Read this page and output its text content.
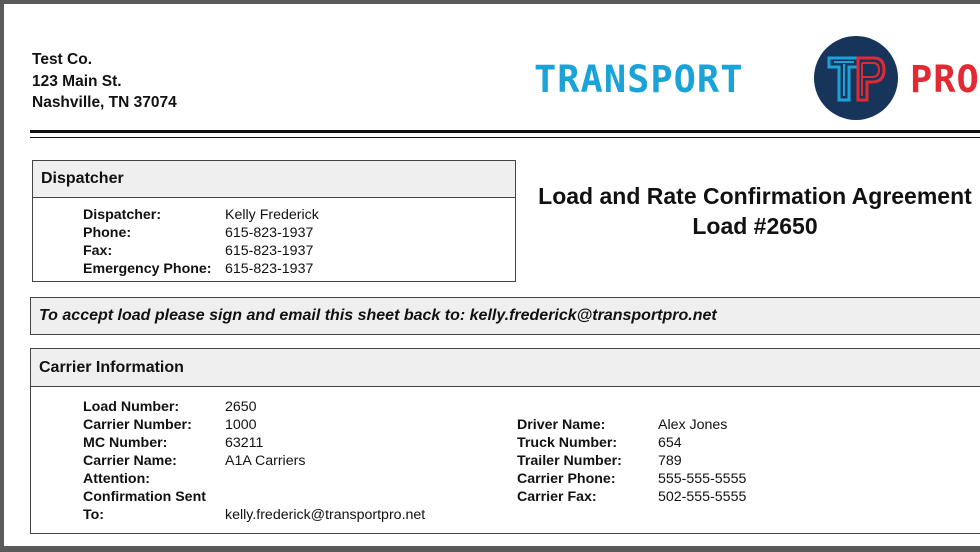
Test Co.
123 Main St.
Nashville, TN 37074
TRANSPORT	PRO
Dispatcher
Dispatcher:	Kelly Frederick
Phone:	615-823-1937
Fax:	615-823-1937
Emergency Phone: 615-823-1937
Load and Rate Confirmation Agreement
Load #2650
To accept load please sign and email this sheet back to: kelly.frederick@transportpro.net
Carrier Information
Load Number:	2650
Carrier Number: 1000
MC Number:	63211
Carrier Name:	A1A Carriers
Attention:
Confirmation Sent
To:	kelly.frederick@transportpro.net
Driver Name:	Alex Jones
Truck Number:	654
Trailer Number:	789
Carrier Phone:	555-555-5555
Carrier Fax:	502-555-5555
